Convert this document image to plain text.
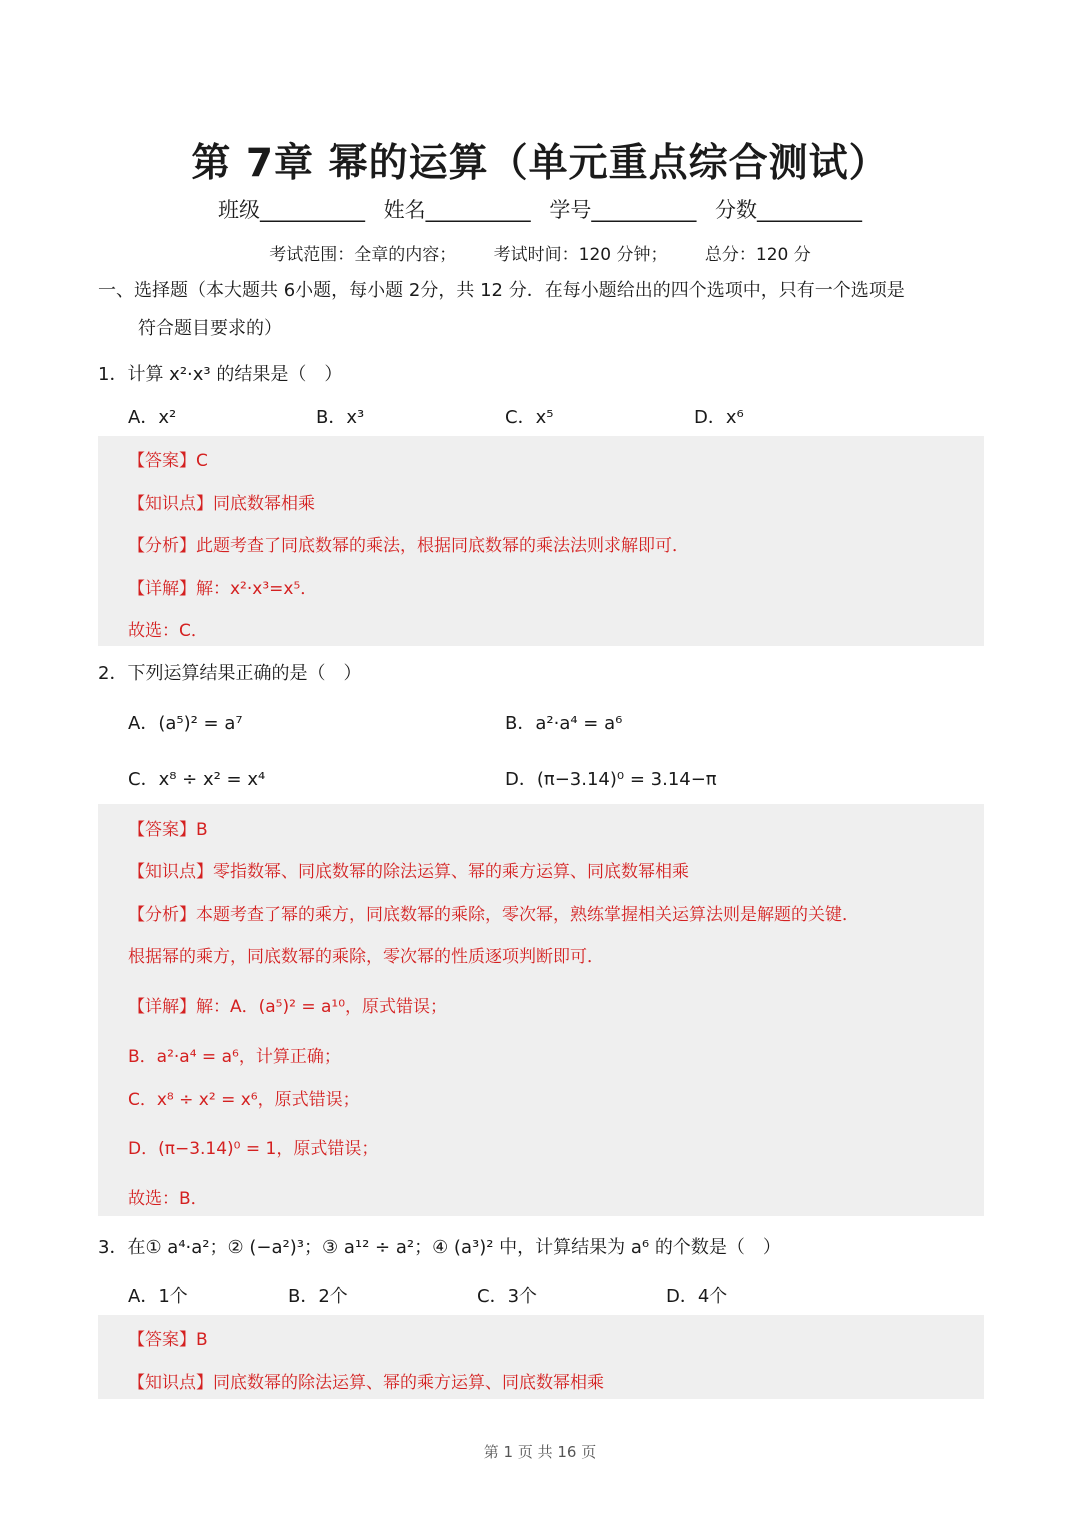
第 7章 幂的运算（单元重点综合测试）
班级__________ 姓名__________ 学号__________ 分数__________
考试范围：全章的内容； 考试时间：120 分钟； 总分：120 分
一、选择题（本大题共 6小题，每小题 2分，共 12 分．在每小题给出的四个选项中，只有一个选项是
符合题目要求的）
1．计算 x²·x³ 的结果是（　）
A．x²	B．x³	C．x⁵	D．x⁶
【答案】C
【知识点】同底数幂相乘
【分析】此题考查了同底数幂的乘法，根据同底数幂的乘法法则求解即可．
【详解】解：x²·x³=x⁵．
故选：C．
2．下列运算结果正确的是（　）
A．(a⁵)² = a⁷	B．a²·a⁴ = a⁶
C．x⁸ ÷ x² = x⁴	D．(π−3.14)⁰ = 3.14−π
【答案】B
【知识点】零指数幂、同底数幂的除法运算、幂的乘方运算、同底数幂相乘
【分析】本题考查了幂的乘方，同底数幂的乘除，零次幂，熟练掌握相关运算法则是解题的关键．
根据幂的乘方，同底数幂的乘除，零次幂的性质逐项判断即可．
【详解】解：A．(a⁵)² = a¹⁰，原式错误；
B．a²·a⁴ = a⁶，计算正确；
C．x⁸ ÷ x² = x⁶，原式错误；
D．(π−3.14)⁰ = 1，原式错误；
故选：B．
3．在① a⁴·a²；② (−a²)³；③ a¹² ÷ a²；④ (a³)² 中，计算结果为 a⁶ 的个数是（　）
A．1个	B．2个	C．3个	D．4个
【答案】B
【知识点】同底数幂的除法运算、幂的乘方运算、同底数幂相乘
第 1 页 共 16 页
